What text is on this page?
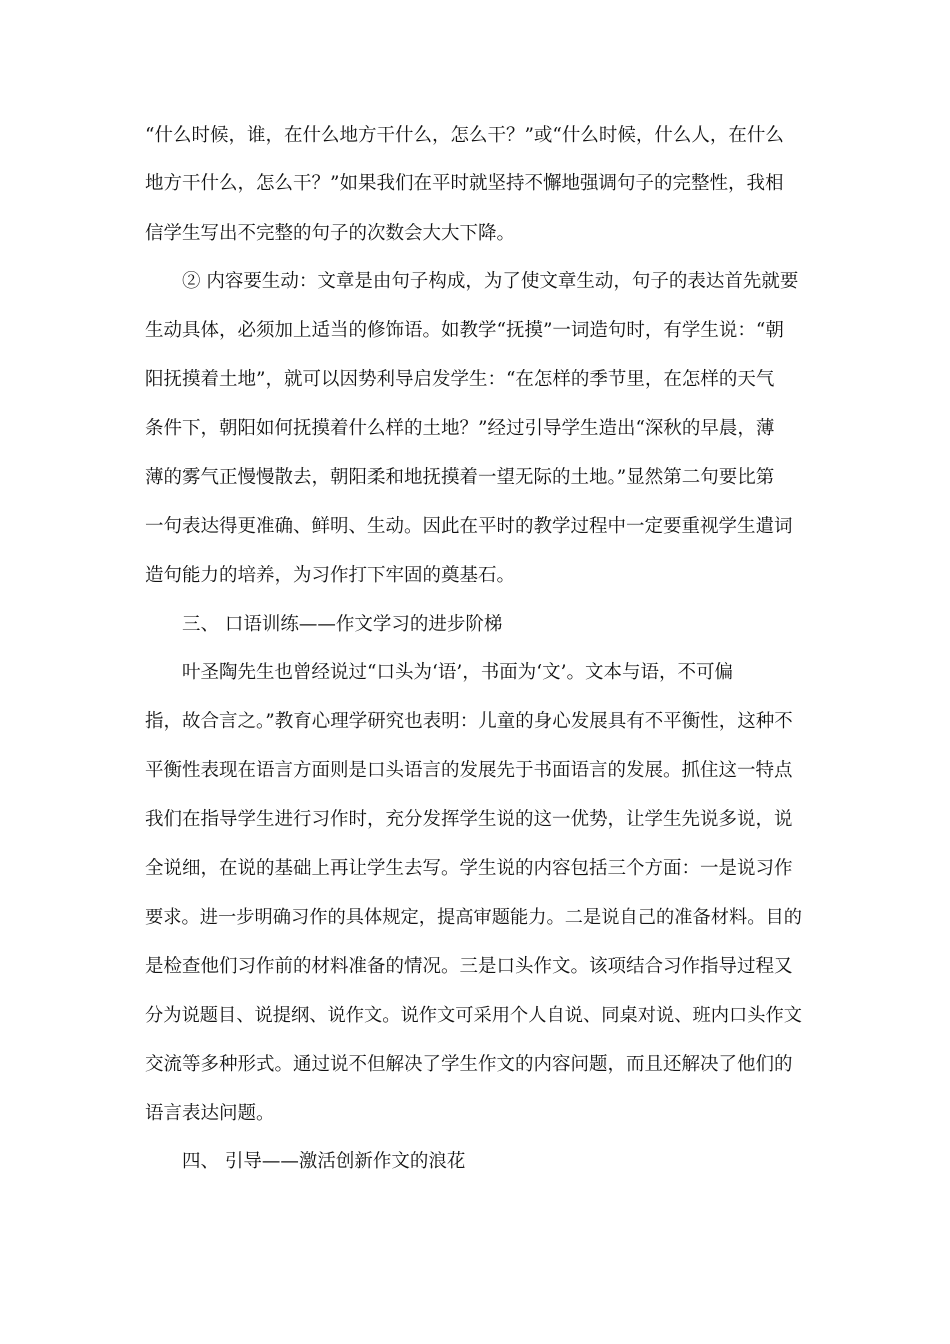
“什么时候，谁，在什么地方干什么，怎么干？”或“什么时候，什么人，在什么
地方干什么，怎么干？”如果我们在平时就坚持不懈地强调句子的完整性，我相
信学生写出不完整的句子的次数会大大下降。
② 内容要生动：文章是由句子构成，为了使文章生动，句子的表达首先就要
生动具体，必须加上适当的修饰语。如教学“抚摸”一词造句时，有学生说：“朝
阳抚摸着土地”，就可以因势利导启发学生：“在怎样的季节里，在怎样的天气
条件下，朝阳如何抚摸着什么样的土地？”经过引导学生造出“深秋的早晨，薄
薄的雾气正慢慢散去，朝阳柔和地抚摸着一望无际的土地。”显然第二句要比第
一句表达得更准确、鲜明、生动。因此在平时的教学过程中一定要重视学生遣词
造句能力的培养，为习作打下牢固的奠基石。
三、 口语训练——作文学习的进步阶梯
叶圣陶先生也曾经说过“口头为‘语’，书面为‘文’。文本与语，不可偏
指，故合言之。”教育心理学研究也表明：儿童的身心发展具有不平衡性，这种不
平衡性表现在语言方面则是口头语言的发展先于书面语言的发展。抓住这一特点
我们在指导学生进行习作时，充分发挥学生说的这一优势，让学生先说多说，说
全说细，在说的基础上再让学生去写。学生说的内容包括三个方面：一是说习作
要求。进一步明确习作的具体规定，提高审题能力。二是说自己的准备材料。目的
是检查他们习作前的材料准备的情况。三是口头作文。该项结合习作指导过程又
分为说题目、说提纲、说作文。说作文可采用个人自说、同桌对说、班内口头作文
交流等多种形式。通过说不但解决了学生作文的内容问题，而且还解决了他们的
语言表达问题。
四、 引导——激活创新作文的浪花
